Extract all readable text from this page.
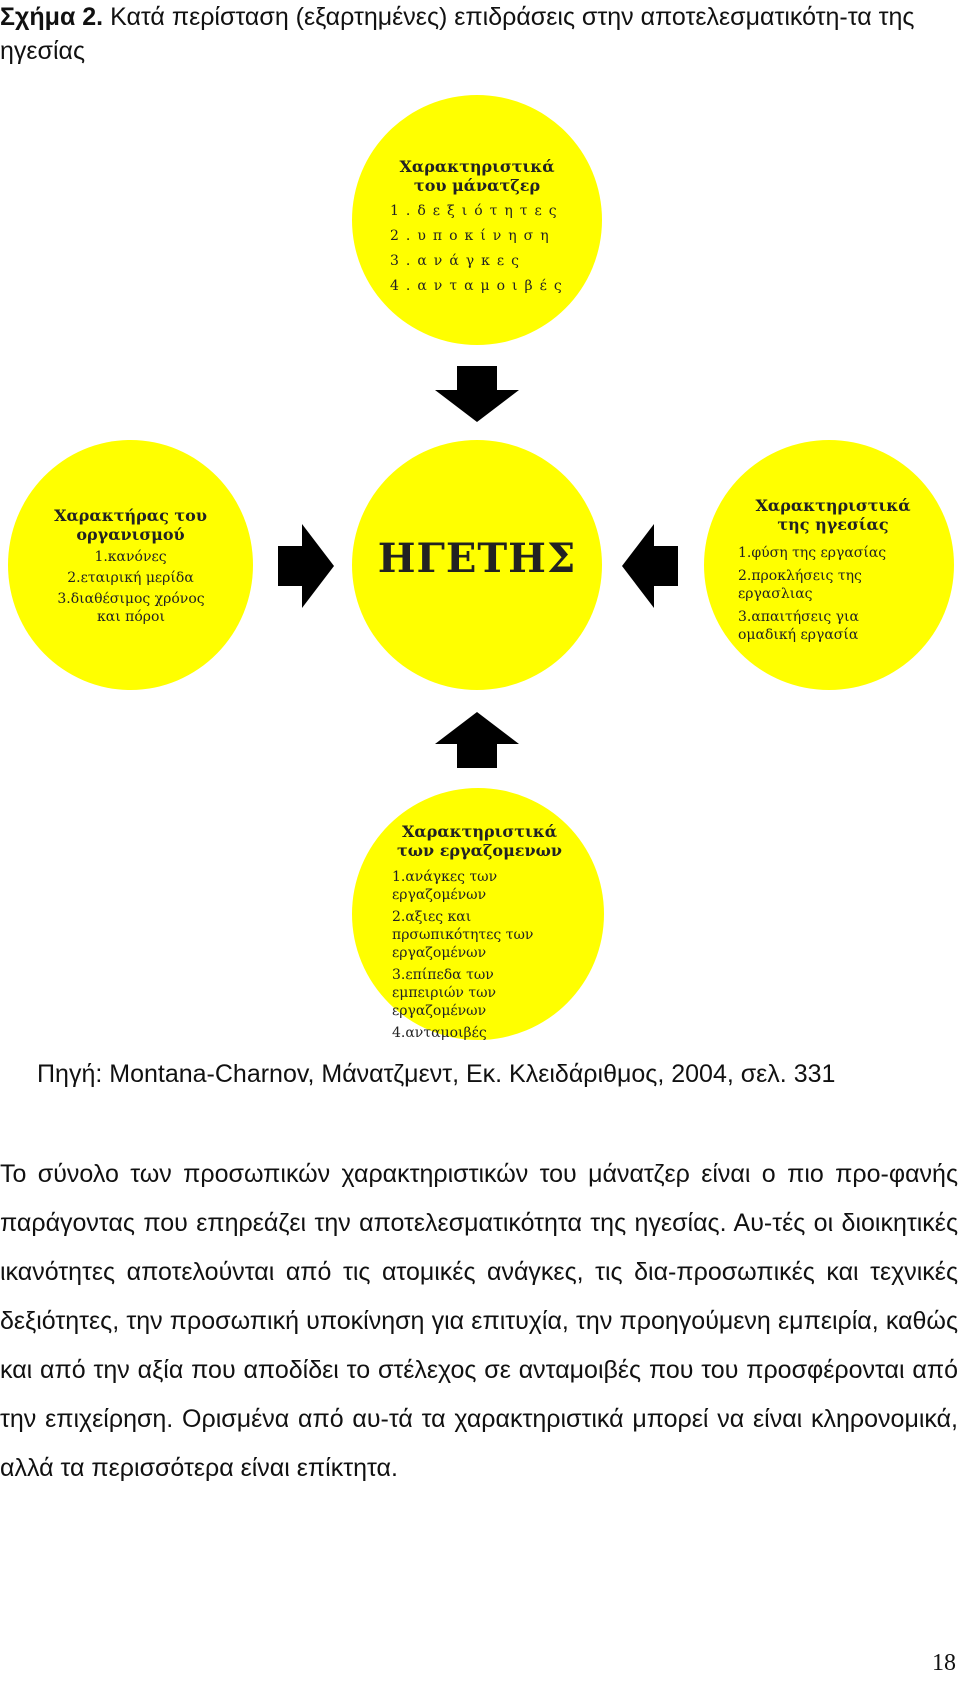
Σχήμα 2. Κατά περίσταση (εξαρτημένες) επιδράσεις στην αποτελεσματικότη-τα της ηγεσίας
Χαρακτηριστικά του μάνατζερ
1.δεξιότητες
2.υποκίνηση
3.ανάγκες
4.ανταμοιβές
ΗΓΕΤΗΣ
Χαρακτήρας του οργανισμού
1.κανόνες
2.εταιρική μερίδα
3.διαθέσιμος χρόνος και πόροι
Χαρακτηριστικά της ηγεσίας
1.φύση της εργασίας
2.προκλήσεις της εργασλιας
3.απαιτήσεις για ομαδική εργασία
Χαρακτηριστικά των εργαζομενων
1.ανάγκες των εργαζομένων
2.αξιες και πρσωπικότητες των εργαζομένων
3.επίπεδα των εμπειριών των εργαζομένων
4.ανταμοιβές
Πηγή: Montana-Charnov, Μάνατζμεντ, Εκ. Κλειδάριθμος, 2004, σελ. 331
Το σύνολο των προσωπικών χαρακτηριστικών του μάνατζερ είναι ο πιο προ-φανής παράγοντας που επηρεάζει την αποτελεσματικότητα της ηγεσίας. Αυ-τές οι διοικητικές ικανότητες αποτελούνται από τις ατομικές ανάγκες, τις δια-προσωπικές και τεχνικές δεξιότητες, την προσωπική υποκίνηση για επιτυχία, την προηγούμενη εμπειρία, καθώς και από την αξία που αποδίδει το στέλεχος σε ανταμοιβές που του προσφέρονται από την επιχείρηση. Ορισμένα από αυ-τά τα χαρακτηριστικά μπορεί να είναι κληρονομικά, αλλά τα περισσότερα είναι επίκτητα.
18
